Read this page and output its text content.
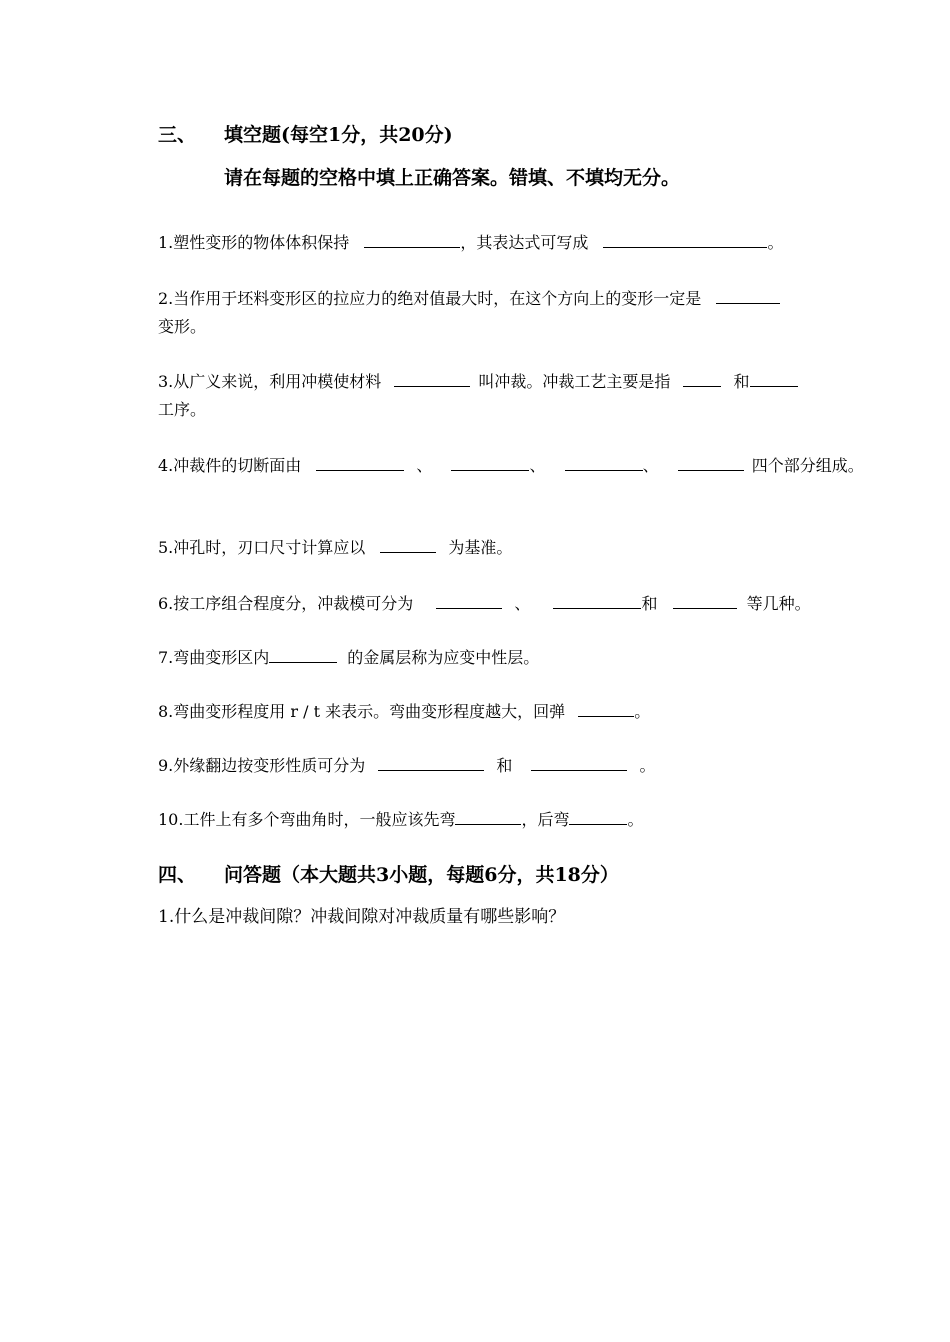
三、 填空题(每空1分，共20分)
请在每题的空格中填上正确答案。错填、不填均无分。
1.塑性变形的物体体积保持	，其表达式可写成	。
2.当作用于坯料变形区的拉应力的绝对值最大时，在这个方向上的变形一定是
变形。
3.从广义来说，利用冲模使材料	叫冲裁。冲裁工艺主要是指	和
工序。
4.冲裁件的切断面由	、	、	、	四个部分组成。
5.冲孔时，刃口尺寸计算应以	为基准。
6.按工序组合程度分，冲裁模可分为	、	和	等几种。
7.弯曲变形区内	的金属层称为应变中性层。
8.弯曲变形程度用 r / t 来表示。弯曲变形程度越大，回弹	。
9.外缘翻边按变形性质可分为	和	。
10.工件上有多个弯曲角时，一般应该先弯	，后弯	。
四、 问答题（本大题共3小题，每题6分，共18分）
1.什么是冲裁间隙？冲裁间隙对冲裁质量有哪些影响？
